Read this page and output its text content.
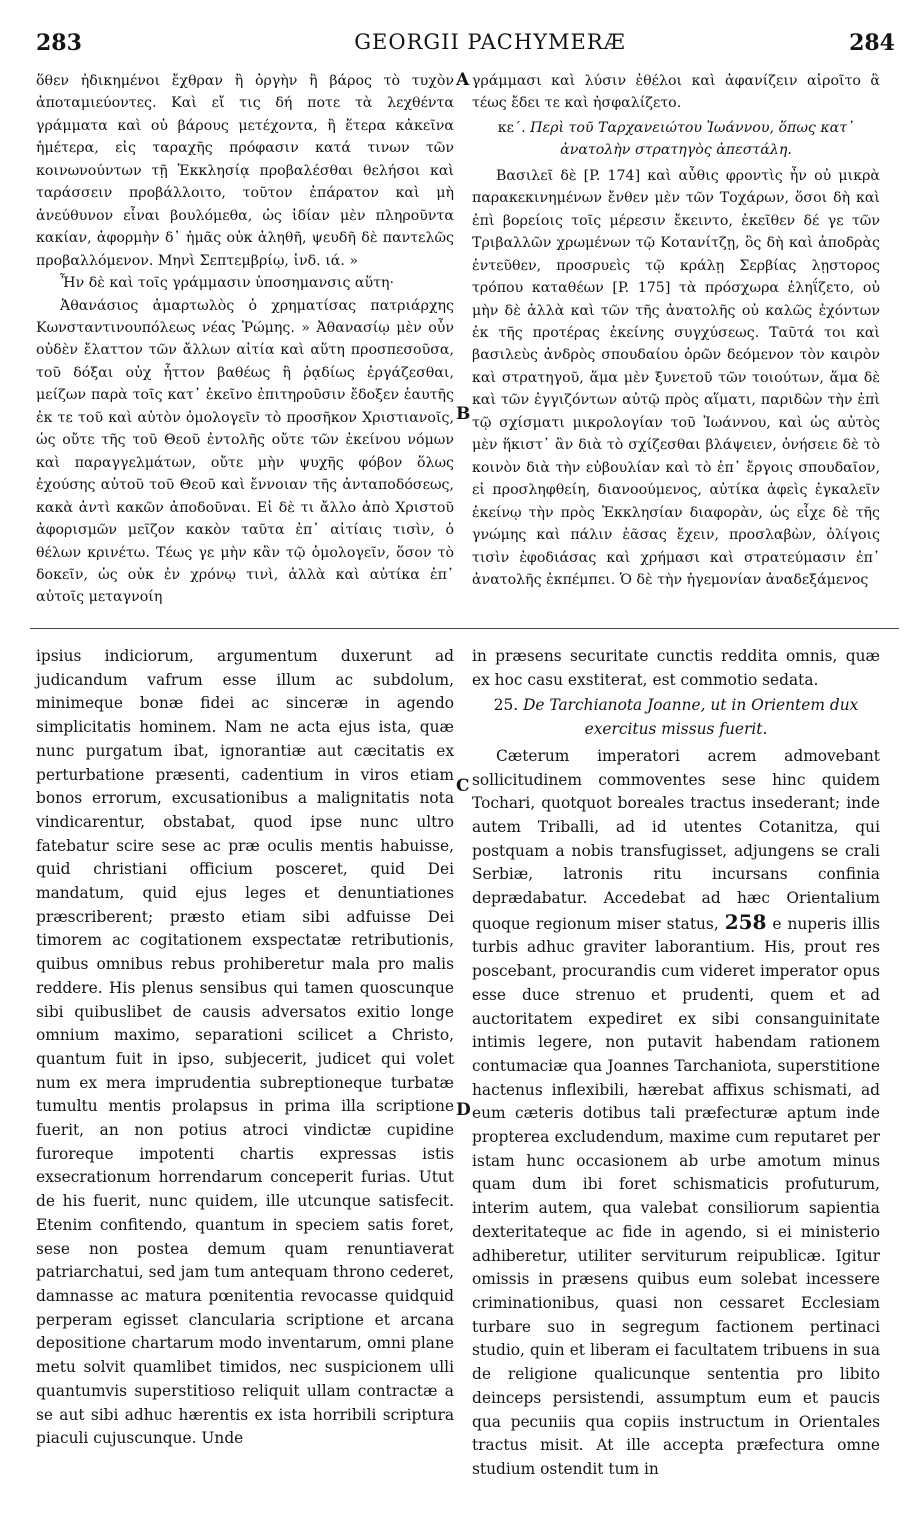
283	GEORGII PACHYMERÆ	284

ὅθεν ἠδικημένοι ἔχθραν ἢ ὀργὴν ἢ βάρος τὸ τυχὸν ἀποταμιεύοντες. Καὶ εἴ τις δή ποτε τὰ λεχθέντα γράμματα καὶ οὐ βάρους μετέχοντα, ἢ ἕτερα κἀκεῖνα ἡμέτερα, εἰς ταραχῆς πρόφασιν κατά τινων τῶν κοινωνούντων τῇ Ἐκκλησίᾳ προβαλέσθαι θελήσοι καὶ ταράσσειν προβάλλοιτο, τοῦτον ἐπάρατον καὶ μὴ ἀνεύθυνον εἶναι βουλόμεθα, ὡς ἰδίαν μὲν πληροῦντα κακίαν, ἀφορμὴν δ᾿ ἡμᾶς οὐκ ἀληθῆ, ψευδῆ δὲ παντελῶς προβαλλόμενον. Μηνὶ Σεπτεμβρίῳ, ἰνδ. ιά. »

Ἦν δὲ καὶ τοῖς γράμμασιν ὑποσημανσις αὕτη·

Ἀθανάσιος ἁμαρτωλὸς ὁ χρηματίσας πατριάρχης Κωνσταντινουπόλεως νέας Ῥώμης. » Ἀθανασίῳ μὲν οὖν οὐδὲν ἔλαττον τῶν ἄλλων αἰτία καὶ αὕτη προσπεσοῦσα, τοῦ δόξαι οὐχ ἧττον βαθέως ἢ ῥᾳδίως ἐργάζεσθαι, μείζων παρὰ τοῖς κατ᾿ ἐκεῖνο ἐπιτηροῦσιν ἔδοξεν ἑαυτῆς ἐκ τε τοῦ καὶ αὐτὸν ὁμολογεῖν τὸ προσῆκον Χριστιανοῖς, ὡς οὔτε τῆς τοῦ Θεοῦ ἐντολῆς οὔτε τῶν ἐκείνου νόμων καὶ παραγγελμάτων, οὔτε μὴν ψυχῆς φόβον ὅλως ἐχούσης αὐτοῦ τοῦ Θεοῦ καὶ ἔννοιαν τῆς ἀνταποδόσεως, κακὰ ἀντὶ κακῶν ἀποδοῦναι. Εἰ δὲ τι ἄλλο ἀπὸ Χριστοῦ ἀφορισμῶν μεῖζον κακὸν ταῦτα ἐπ᾿ αἰτίαις τισὶν, ὁ θέλων κρινέτω. Τέως γε μὴν κἂν τῷ ὁμολογεῖν, ὅσον τὸ δοκεῖν, ὡς οὐκ ἐν χρόνῳ τινὶ, ἀλλὰ καὶ αὐτίκα ἐπ᾿ αὐτοῖς μεταγνοίη

γράμμασι καὶ λύσιν ἐθέλοι καὶ ἀφανίζειν αἱροῖτο ἂ τέως ἔδει τε καὶ ἠσφαλίζετο.

κε΄. Περὶ τοῦ Ταρχανειώτου Ἰωάννου, ὅπως κατ᾿ ἀνατολὴν στρατηγὸς ἀπεστάλη.

Βασιλεῖ δὲ [P. 174] καὶ αὖθις φροντὶς ἦν οὐ μικρὰ παρακεκινημένων ἔνθεν μὲν τῶν Τοχάρων, ὅσοι δὴ καὶ ἐπὶ βορείοις τοῖς μέρεσιν ἔκειντο, ἐκεῖθεν δέ γε τῶν Τριβαλλῶν χρωμένων τῷ Κοτανίτζῃ, ὃς δὴ καὶ ἀποδρὰς ἐντεῦθεν, προσρυεὶς τῷ κράλῃ Σερβίας λῃστορος τρόπου καταθέων [P. 175] τὰ πρόσχωρα ἐληΐζετο, οὐ μὴν δὲ ἀλλὰ καὶ τῶν τῆς ἀνατολῆς οὐ καλῶς ἐχόντων ἐκ τῆς προτέρας ἐκείνης συγχύσεως. Ταῦτά τοι καὶ βασιλεὺς ἀνδρὸς σπουδαίου ὁρῶν δεόμενον τὸν καιρὸν καὶ στρατηγοῦ, ἅμα μὲν ξυνετοῦ τῶν τοιούτων, ἅμα δὲ καὶ τῶν ἐγγιζόντων αὐτῷ πρὸς αἵματι, παριδὼν τὴν ἐπὶ τῷ σχίσματι μικρολογίαν τοῦ Ἰωάννου, καὶ ὡς αὐτὸς μὲν ἥκιστ᾿ ἂν διὰ τὸ σχίζεσθαι βλάψειεν, ὀνήσειε δὲ τὸ κοινὸν διὰ τὴν εὐβουλίαν καὶ τὸ ἐπ᾿ ἔργοις σπουδαῖον, εἰ προσληφθείη, διανοούμενος, αὐτίκα ἀφεὶς ἐγκαλεῖν ἐκείνῳ τὴν πρὸς Ἐκκλησίαν διαφορὰν, ὡς εἶχε δὲ τῆς γνώμης καὶ πάλιν ἐᾶσας ἔχειν, προσλαβὼν, ὀλίγοις τισὶν ἐφοδιάσας καὶ χρήμασι καὶ στρατεύμασιν ἐπ᾿ ἀνατολῆς ἐκπέμπει. Ὁ δὲ τὴν ἡγεμονίαν ἀναδεξάμενος

ipsius indiciorum, argumentum duxerunt ad judicandum vafrum esse illum ac subdolum, minimeque bonæ fidei ac sinceræ in agendo simplicitatis hominem. Nam ne acta ejus ista, quæ nunc purgatum ibat, ignorantiæ aut cæcitatis ex perturbatione præsenti, cadentium in viros etiam bonos errorum, excusationibus a malignitatis nota vindicarentur, obstabat, quod ipse nunc ultro fatebatur scire sese ac præ oculis mentis habuisse, quid christiani officium posceret, quid Dei mandatum, quid ejus leges et denuntiationes præscriberent; præsto etiam sibi adfuisse Dei timorem ac cogitationem exspectatæ retributionis, quibus omnibus rebus prohiberetur mala pro malis reddere. His plenus sensibus qui tamen quoscunque sibi quibuslibet de causis adversatos exitio longe omnium maximo, separationi scilicet a Christo, quantum fuit in ipso, subjecerit, judicet qui volet num ex mera imprudentia subreptioneque turbatæ tumultu mentis prolapsus in prima illa scriptione fuerit, an non potius atroci vindictæ cupidine furoreque impotenti chartis expressas istis exsecrationum horrendarum conceperit furias. Utut de his fuerit, nunc quidem, ille utcunque satisfecit. Etenim confitendo, quantum in speciem satis foret, sese non postea demum quam renuntiaverat patriarchatui, sed jam tum antequam throno cederet, damnasse ac matura pœnitentia revocasse quidquid perperam egisset clancularia scriptione et arcana depositione chartarum modo inventarum, omni plane metu solvit quamlibet timidos, nec suspicionem ulli quantumvis superstitioso reliquit ullam contractæ a se aut sibi adhuc hærentis ex ista horribili scriptura piaculi cujuscunque. Unde

in præsens securitate cunctis reddita omnis, quæ ex hoc casu exstiterat, est commotio sedata.

25. De Tarchianota Joanne, ut in Orientem dux exercitus missus fuerit.

Cæterum imperatori acrem admovebant sollicitudinem commoventes sese hinc quidem Tochari, quotquot boreales tractus insederant; inde autem Triballi, ad id utentes Cotanitza, qui postquam a nobis transfugisset, adjungens se crali Serbiæ, latronis ritu incursans confinia deprædabatur. Accedebat ad hæc Orientalium quoque regionum miser status, 258 e nuperis illis turbis adhuc graviter laborantium. His, prout res poscebant, procurandis cum videret imperator opus esse duce strenuo et prudenti, quem et ad auctoritatem expediret ex sibi consanguinitate intimis legere, non putavit habendam rationem contumaciæ qua Joannes Tarchaniota, superstitione hactenus inflexibili, hærebat affixus schismati, ad eum cæteris dotibus tali præfecturæ aptum inde propterea excludendum, maxime cum reputaret per istam hunc occasionem ab urbe amotum minus quam dum ibi foret schismaticis profuturum, interim autem, qua valebat consiliorum sapientia dexteritateque ac fide in agendo, si ei ministerio adhiberetur, utiliter serviturum reipublicæ. Igitur omissis in præsens quibus eum solebat incessere criminationibus, quasi non cessaret Ecclesiam turbare suo in segregum factionem pertinaci studio, quin et liberam ei facultatem tribuens in sua de religione qualicunque sententia pro libito deinceps persistendi, assumptum eum et paucis qua pecuniis qua copiis instructum in Orientales tractus misit. At ille accepta præfectura omne studium ostendit tum in

A
B
C
D
